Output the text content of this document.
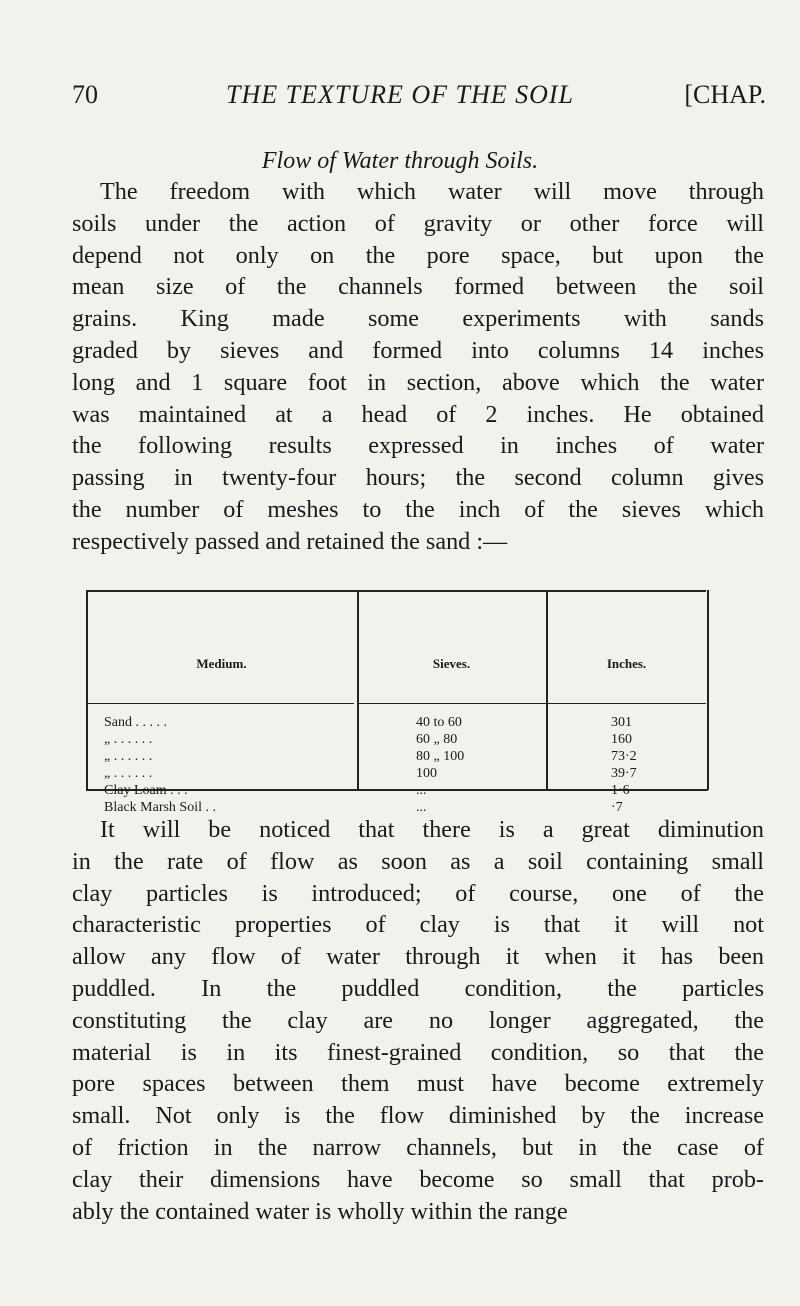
70	THE TEXTURE OF THE SOIL	[CHAP.
Flow of Water through Soils.
The freedom with which water will move through
soils under the action of gravity or other force will
depend not only on the pore space, but upon the
mean size of the channels formed between the soil
grains. King made some experiments with sands
graded by sieves and formed into columns 14 inches
long and 1 square foot in section, above which the water
was maintained at a head of 2 inches. He obtained
the following results expressed in inches of water
passing in twenty-four hours; the second column gives
the number of meshes to the inch of the sieves which
respectively passed and retained the sand :—
Medium.	Sieves.	Inches.
Sand . . . . .	40 to 60	301
„ . . . . . .	60 „ 80	160
„ . . . . . .	80 „ 100	73·2
„ . . . . . .	100	39·7
Clay Loam . . .	...	1·6
Black Marsh Soil . .	...	·7
It will be noticed that there is a great diminution
in the rate of flow as soon as a soil containing small
clay particles is introduced; of course, one of the
characteristic properties of clay is that it will not
allow any flow of water through it when it has been
puddled. In the puddled condition, the particles
constituting the clay are no longer aggregated, the
material is in its finest-grained condition, so that the
pore spaces between them must have become extremely
small. Not only is the flow diminished by the increase
of friction in the narrow channels, but in the case of
clay their dimensions have become so small that prob-
ably the contained water is wholly within the range
